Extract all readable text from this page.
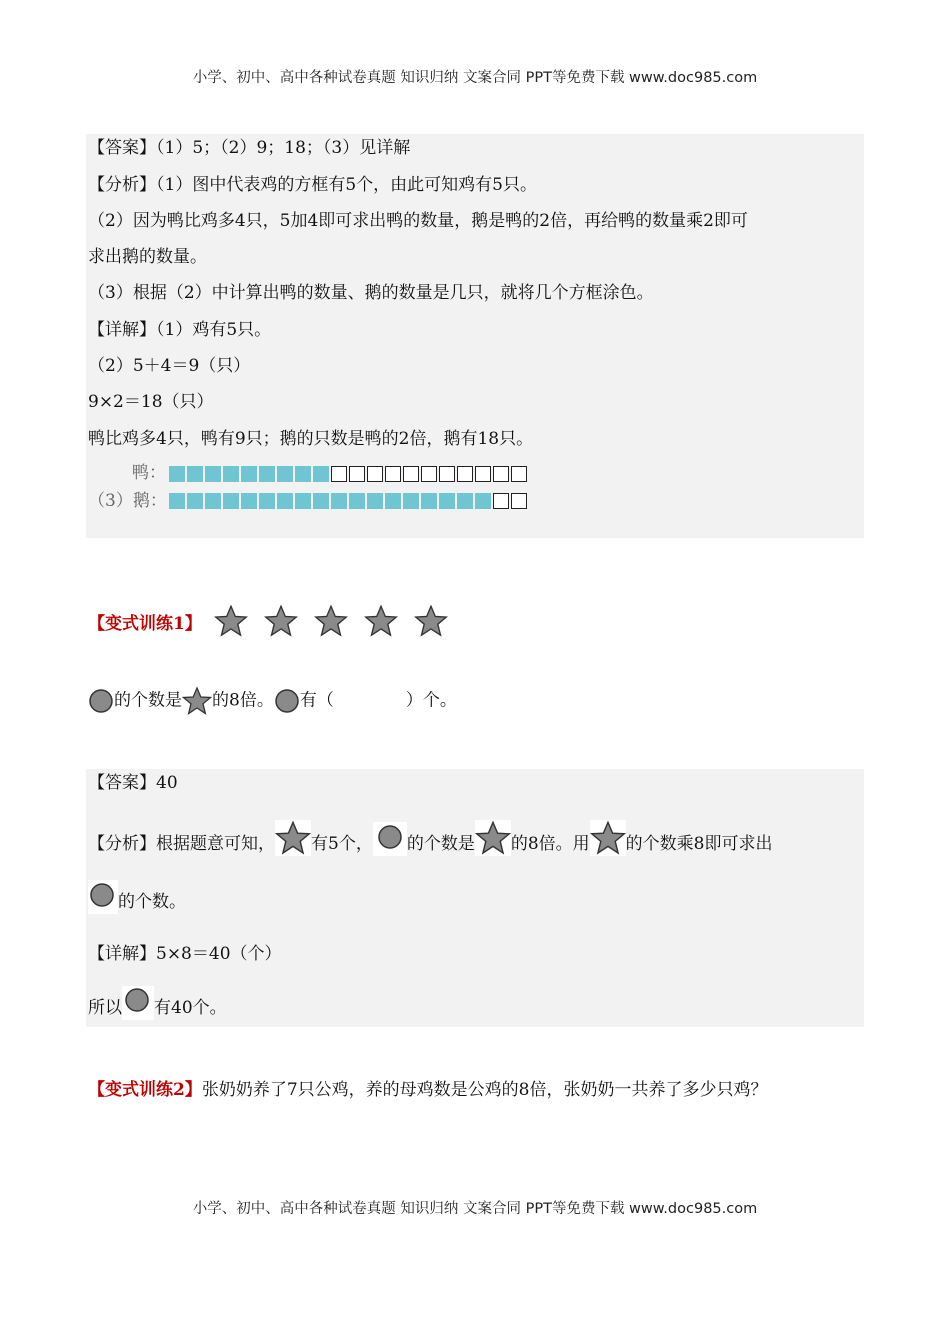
小学、初中、高中各种试卷真题 知识归纳 文案合同 PPT等免费下载 www.doc985.com
【答案】（1）5；（2）9；18；（3）见详解
【分析】（1）图中代表鸡的方框有5个，由此可知鸡有5只。
（2）因为鸭比鸡多4只，5加4即可求出鸭的数量，鹅是鸭的2倍，再给鸭的数量乘2即可
求出鹅的数量。
（3）根据（2）中计算出鸭的数量、鹅的数量是几只，就将几个方框涂色。
【详解】（1）鸡有5只。
（2）5＋4＝9（只）
9×2＝18（只）
鸭比鸡多4只，鸭有9只；鹅的只数是鸭的2倍，鹅有18只。
鸭：
（3）鹅：
【变式训练1】
的个数是 的8倍。 有（	）个。
【答案】40
【分析】根据题意可知， 有5个， 的个数是 的8倍。用 的个数乘8即可求出
的个数。
【详解】5×8＝40（个）
所以 有40个。
【变式训练2】张奶奶养了7只公鸡，养的母鸡数是公鸡的8倍，张奶奶一共养了多少只鸡？
小学、初中、高中各种试卷真题 知识归纳 文案合同 PPT等免费下载 www.doc985.com
